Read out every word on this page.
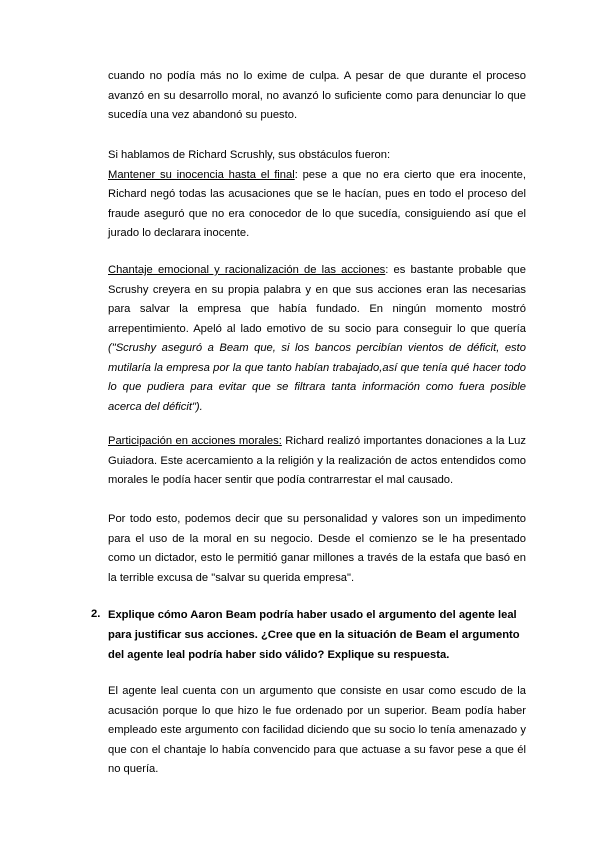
cuando no podía más no lo exime de culpa. A pesar de que durante el proceso avanzó en su desarrollo moral, no avanzó lo suficiente como para denunciar lo que sucedía una vez abandonó su puesto.
Si hablamos de Richard Scrushly, sus obstáculos fueron:
Mantener su inocencia hasta el final: pese a que no era cierto que era inocente, Richard negó todas las acusaciones que se le hacían, pues en todo el proceso del fraude aseguró que no era conocedor de lo que sucedía, consiguiendo así que el jurado lo declarara inocente.
Chantaje emocional y racionalización de las acciones: es bastante probable que Scrushy creyera en su propia palabra y en que sus acciones eran las necesarias para salvar la empresa que había fundado. En ningún momento mostró arrepentimiento. Apeló al lado emotivo de su socio para conseguir lo que quería ("Scrushy aseguró a Beam que, si los bancos percibían vientos de déficit, esto mutilaría la empresa por la que tanto habían trabajado,así que tenía qué hacer todo lo que pudiera para evitar que se filtrara tanta información como fuera posible acerca del déficit").
Participación en acciones morales: Richard realizó importantes donaciones a la Luz Guiadora. Este acercamiento a la religión y la realización de actos entendidos como morales le podía hacer sentir que podía contrarrestar el mal causado.
Por todo esto, podemos decir que su personalidad y valores son un impedimento para el uso de la moral en su negocio. Desde el comienzo se le ha presentado como un dictador, esto le permitió ganar millones a través de la estafa que basó en la terrible excusa de "salvar su querida empresa".
2. Explique cómo Aaron Beam podría haber usado el argumento del agente leal para justificar sus acciones. ¿Cree que en la situación de Beam el argumento del agente leal podría haber sido válido? Explique su respuesta.
El agente leal cuenta con un argumento que consiste en usar como escudo de la acusación porque lo que hizo le fue ordenado por un superior. Beam podía haber empleado este argumento con facilidad diciendo que su socio lo tenía amenazado y que con el chantaje lo había convencido para que actuase a su favor pese a que él no quería.
